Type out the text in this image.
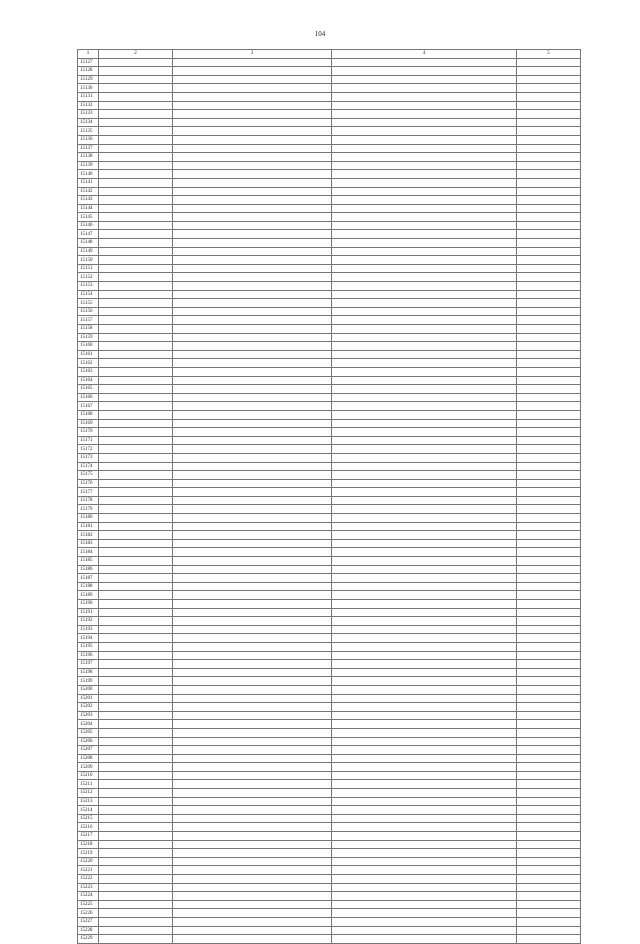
104
1	2	3	4	5
15127				
15128				
15129				
15130				
15131				
15132				
15133				
15134				
15135				
15136				
15137				
15138				
15139				
15140				
15141				
15142				
15143				
15144				
15145				
15146				
15147				
15148				
15149				
15150				
15151				
15152				
15153				
15154				
15155				
15156				
15157				
15158				
15159				
15160				
15161				
15162				
15163				
15164				
15165				
15166				
15167				
15168				
15169				
15170				
15171				
15172				
15173				
15174				
15175				
15176				
15177				
15178				
15179				
15180				
15181				
15182				
15183				
15184				
15185				
15186				
15187				
15188				
15189				
15190				
15191				
15192				
15193				
15194				
15195				
15196				
15197				
15198				
15199				
15200				
15201				
15202				
15203				
15204				
15205				
15206				
15207				
15208				
15209				
15210				
15211				
15212				
15213				
15214				
15215				
15216				
15217				
15218				
15219				
15220				
15221				
15222				
15223				
15224				
15225				
15226				
15227				
15228				
15229				
